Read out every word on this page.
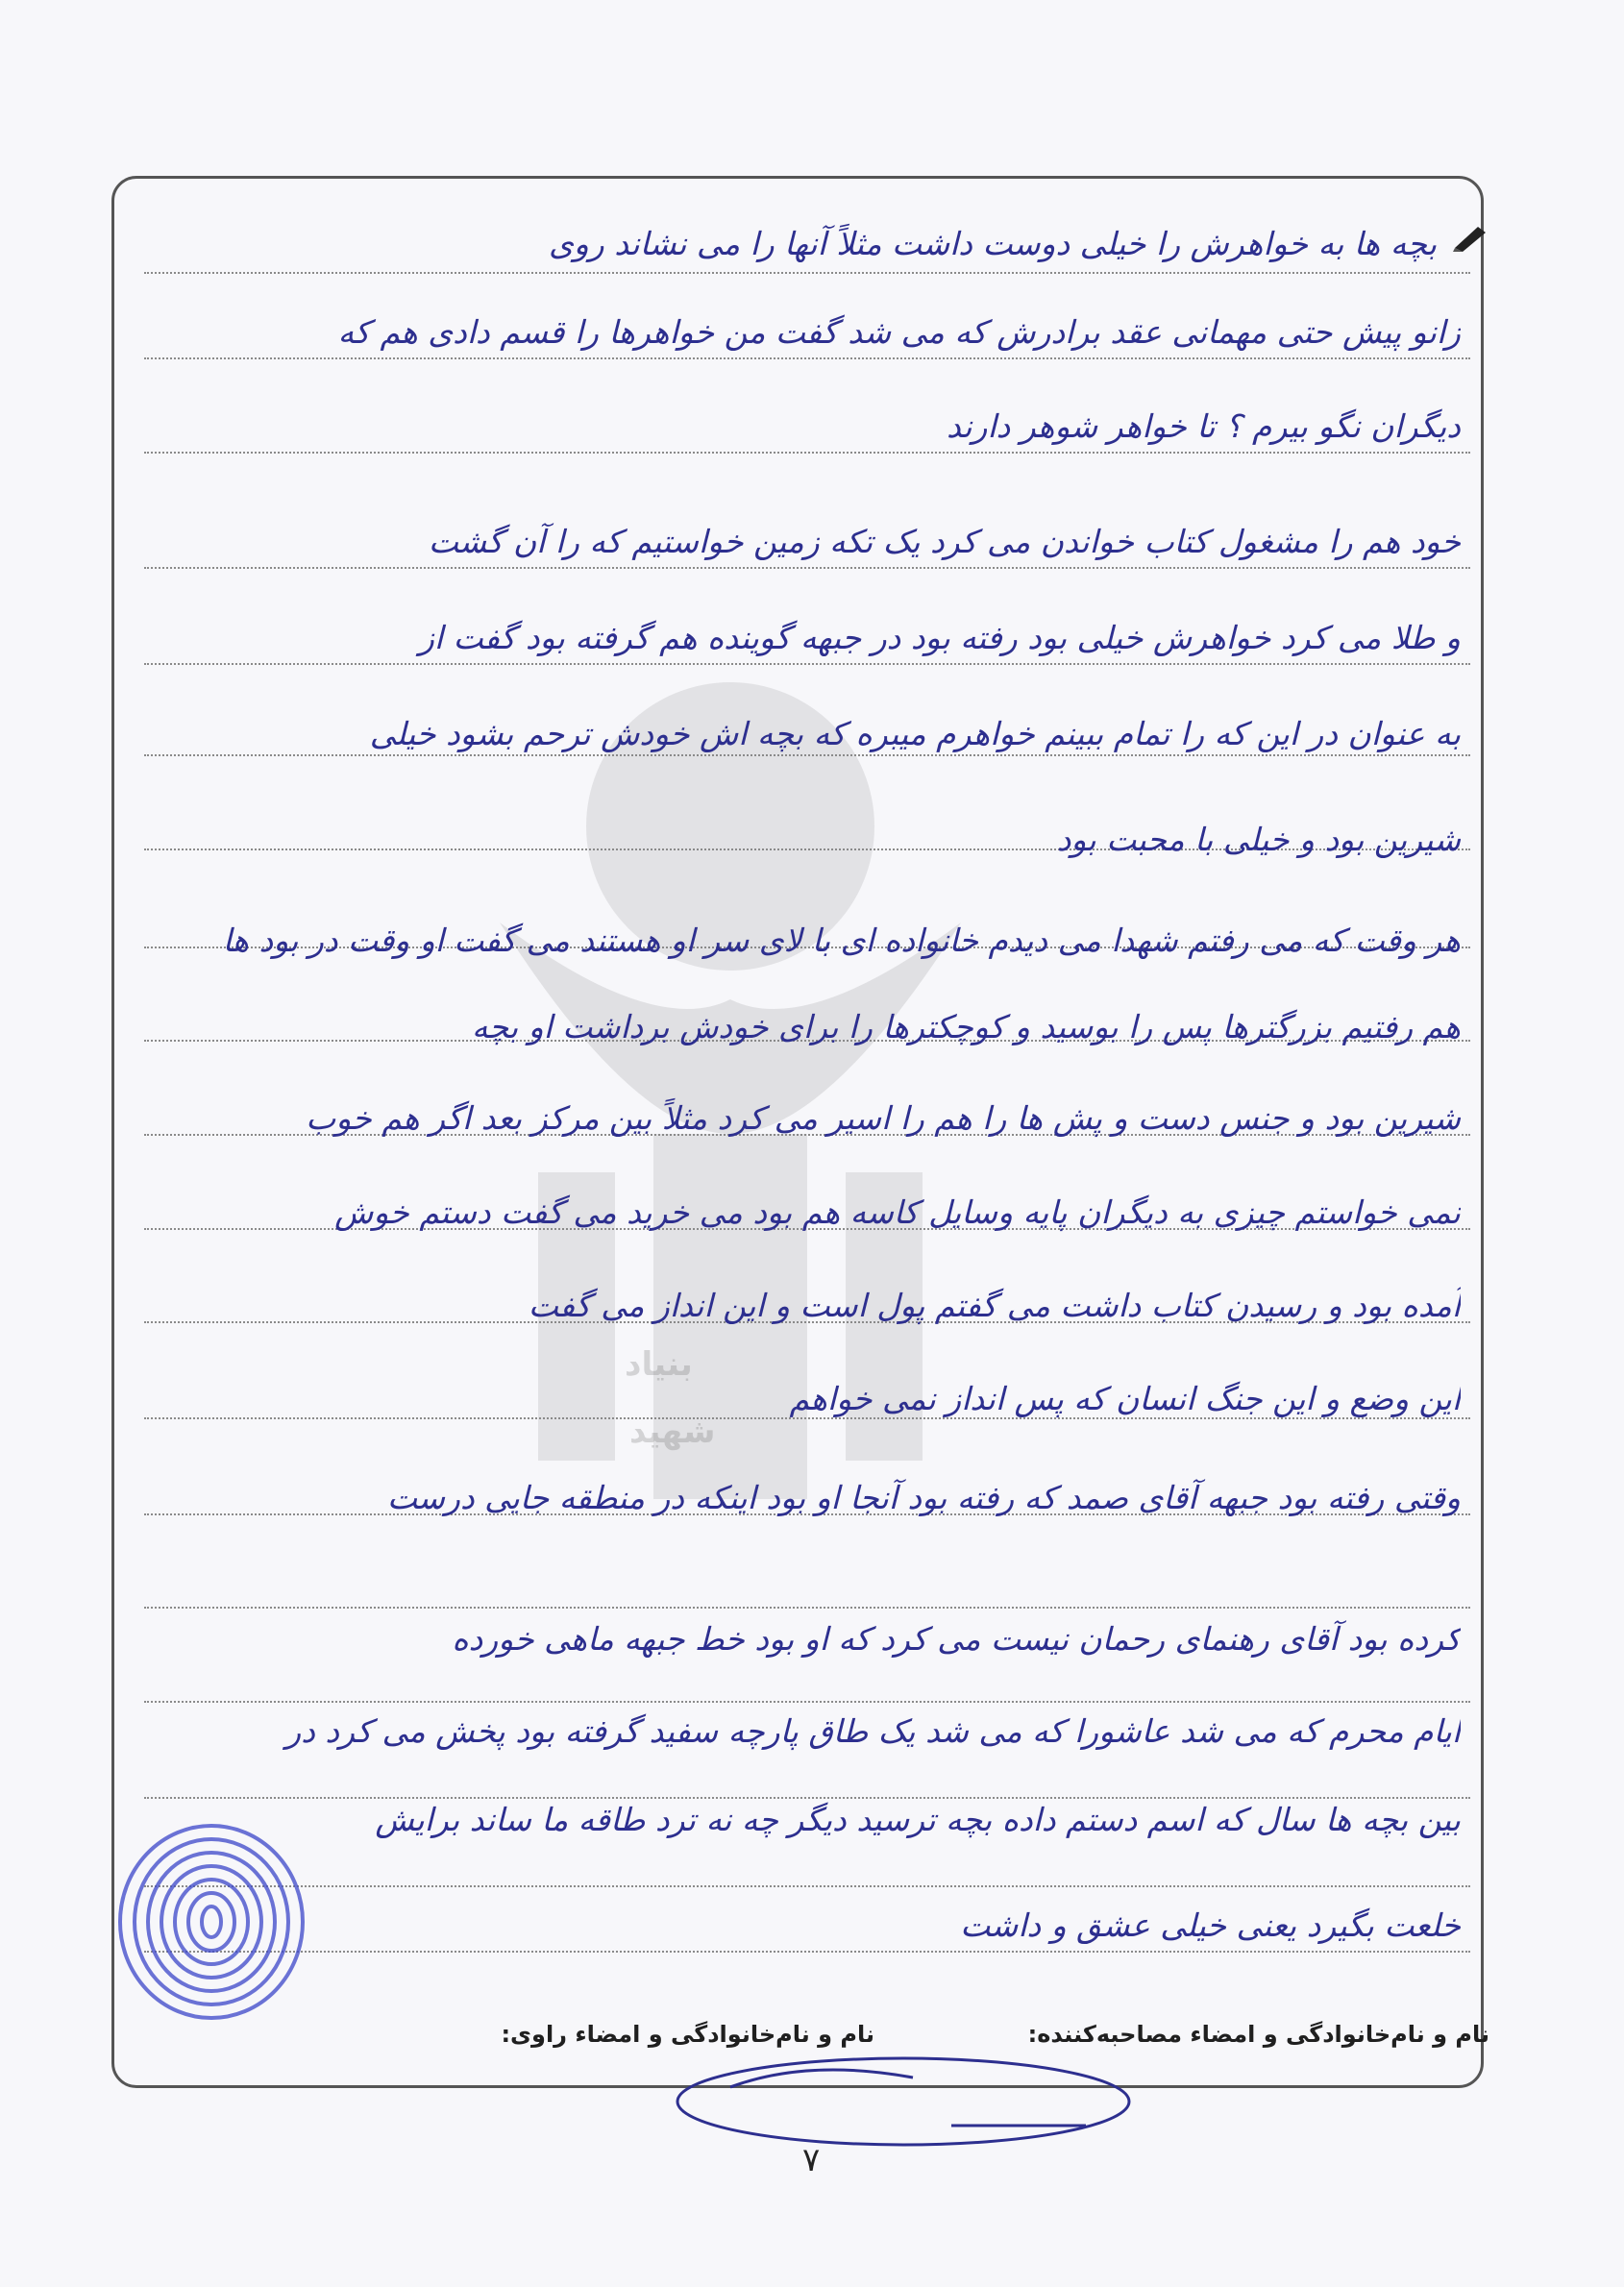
بنیاد
شهید
بچه ها به خواهرش را خیلی دوست داشت مثلاً آنها را می نشاند روی
زانو پیش حتی مهمانی عقد برادرش که می شد گفت من خواهرها را قسم دادی هم که
دیگران نگو بیرم ؟ تا خواهر شوهر دارند
خود هم را مشغول کتاب خواندن می کرد یک تکه زمین خواستیم که را آن گشت
و طلا می کرد خواهرش خیلی بود رفته بود در جبهه گوینده هم گرفته بود گفت از
به عنوان در این که را تمام ببینم خواهرم میبره که بچه اش خودش ترحم بشود خیلی
شیرین بود و خیلی با محبت بود
هر وقت که می رفتم شهدا می دیدم خانواده ای با لای سر او هستند می گفت او وقت در بود ها
هم رفتیم بزرگترها پس را بوسید و کوچکترها را برای خودش برداشت او بچه
شیرین بود و جنس دست و پش ها را هم را اسیر می کرد مثلاً بین مرکز بعد اگر هم خوب
نمی خواستم چیزی به دیگران پایه وسایل کاسه هم بود می خرید می گفت دستم خوش
آمده بود و رسیدن کتاب داشت می گفتم پول است و این انداز می گفت
این وضع و این جنگ انسان که پس انداز نمی خواهم
وقتی رفته بود جبهه آقای صمد که رفته بود آنجا او بود اینکه در منطقه جایی درست
کرده بود آقای رهنمای رحمان نیست می کرد که او بود خط جبهه ماهی خورده
ایام محرم که می شد عاشورا که می شد یک طاق پارچه سفید گرفته بود پخش می کرد در
بین بچه ها سال که اسم دستم داده بچه ترسید دیگر چه نه ترد طاقه ما ساند برایش
خلعت بگیرد یعنی خیلی عشق و داشت
نام و نام‌خانوادگی و امضاء مصاحبه‌کننده:
نام و نام‌خانوادگی و امضاء راوی:
۷
